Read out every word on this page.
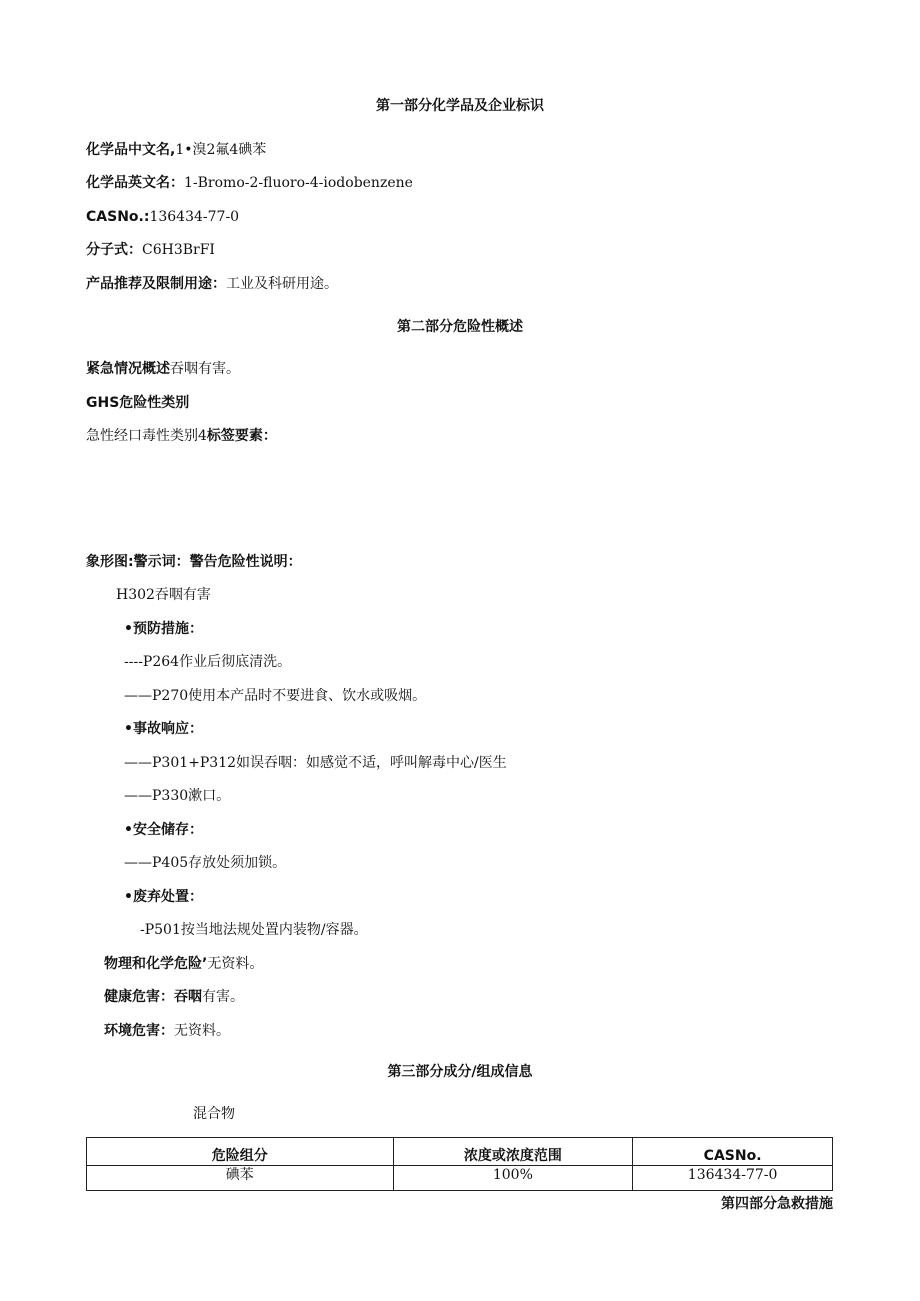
第一部分化学品及企业标识
化学品中文名,1•溴2氟4碘苯
化学品英文名：1-Bromo-2-fluoro-4-iodobenzene
CASNo.:136434-77-0
分子式：C6H3BrFI
产品推荐及限制用途：工业及科研用途。
第二部分危险性概述
紧急情况概述吞咽有害。
GHS危险性类别
急性经口毒性类别4标签要素：
象形图:警示词：警告危险性说明：
H302吞咽有害
•预防措施：
----P264作业后彻底清洗。
——P270使用本产品时不要进食、饮水或吸烟。
•事故响应：
——P301+P312如误吞咽：如感觉不适，呼叫解毒中心/医生
——P330漱口。
•安全储存：
——P405存放处须加锁。
•废弃处置：
-P501按当地法规处置内装物/容器。
物理和化学危险’无资料。
健康危害：吞咽有害。
环境危害：无资料。
第三部分成分/组成信息
混合物
危险组分	浓度或浓度范围	CASNo.
碘苯	100%	136434-77-0
第四部分急救措施
